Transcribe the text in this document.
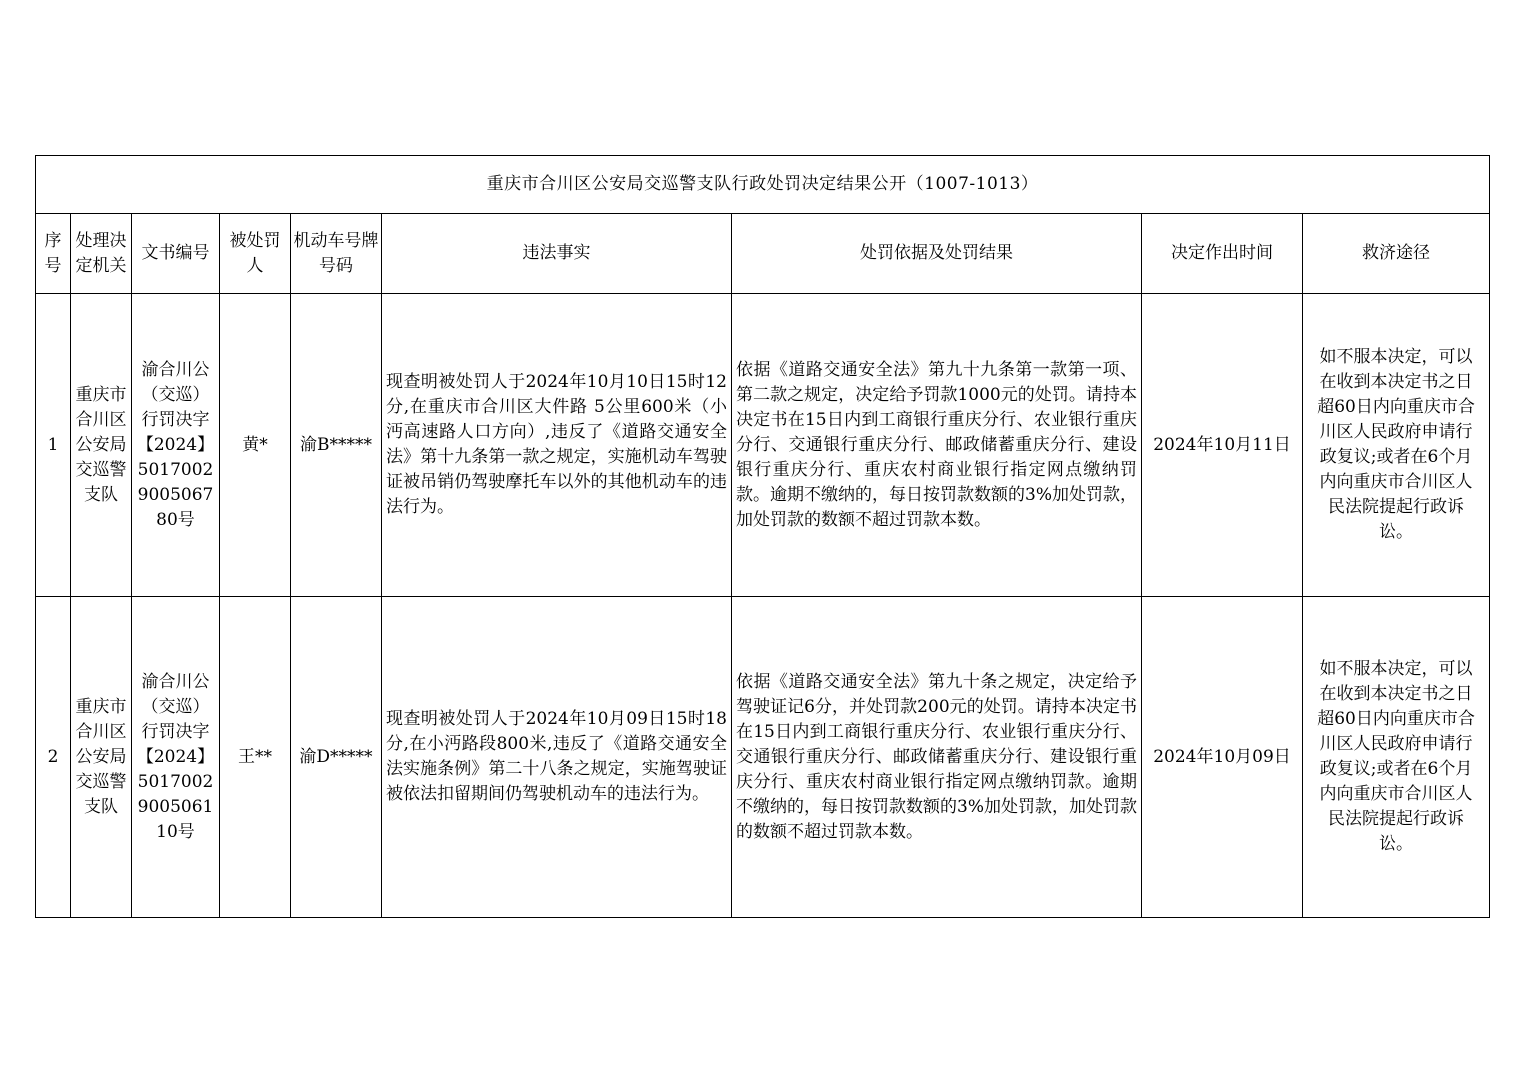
重庆市合川区公安局交巡警支队行政处罚决定结果公开（1007-1013）								
序号	处理决定机关	文书编号	被处罚人	机动车号牌号码	违法事实	处罚依据及处罚结果	决定作出时间	救济途径
1	重庆市合川区公安局交巡警支队	渝合川公（交巡）行罚决字【2024】5017002900506780号	黄*	渝B*****	现查明被处罚人于2024年10月10日15时12分,在重庆市合川区大件路 5公里600米（小沔高速路人口方向）,违反了《道路交通安全法》第十九条第一款之规定，实施机动车驾驶证被吊销仍驾驶摩托车以外的其他机动车的违法行为。	依据《道路交通安全法》第九十九条第一款第一项、第二款之规定，决定给予罚款1000元的处罚。请持本决定书在15日内到工商银行重庆分行、农业银行重庆分行、交通银行重庆分行、邮政储蓄重庆分行、建设银行重庆分行、重庆农村商业银行指定网点缴纳罚款。逾期不缴纳的，每日按罚款数额的3%加处罚款，加处罚款的数额不超过罚款本数。	2024年10月11日	如不服本决定，可以在收到本决定书之日超60日内向重庆市合川区人民政府申请行政复议;或者在6个月内向重庆市合川区人民法院提起行政诉讼。
2	重庆市合川区公安局交巡警支队	渝合川公（交巡）行罚决字【2024】5017002900506110号	王**	渝D*****	现查明被处罚人于2024年10月09日15时18分,在小沔路段800米,违反了《道路交通安全法实施条例》第二十八条之规定，实施驾驶证被依法扣留期间仍驾驶机动车的违法行为。	依据《道路交通安全法》第九十条之规定，决定给予驾驶证记6分，并处罚款200元的处罚。请持本决定书在15日内到工商银行重庆分行、农业银行重庆分行、交通银行重庆分行、邮政储蓄重庆分行、建设银行重庆分行、重庆农村商业银行指定网点缴纳罚款。逾期不缴纳的，每日按罚款数额的3%加处罚款，加处罚款的数额不超过罚款本数。	2024年10月09日	如不服本决定，可以在收到本决定书之日超60日内向重庆市合川区人民政府申请行政复议;或者在6个月内向重庆市合川区人民法院提起行政诉讼。
